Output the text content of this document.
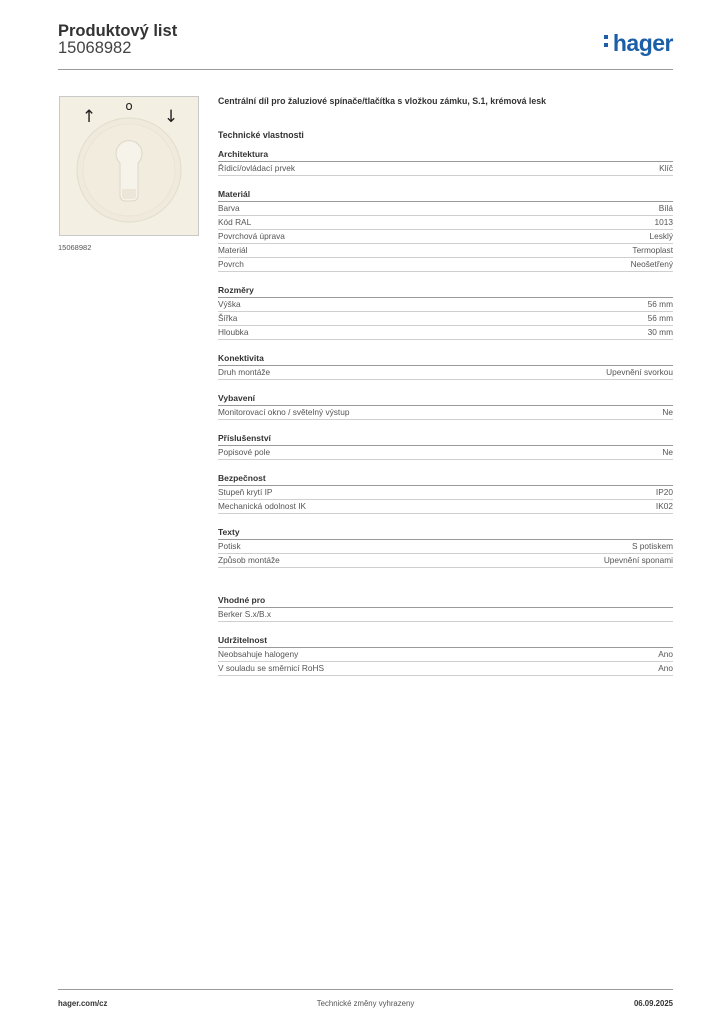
Produktový list
15068982	hager
↑
o
↓
15068982
Centrální díl pro žaluziové spínače/tlačítka s vložkou zámku, S.1, krémová lesk
Technické vlastnosti
Architektura
Řídicí/ovládací prvek	Klíč
Materiál
Barva	Bílá
Kód RAL	1013
Povrchová úprava	Lesklý
Materiál	Termoplast
Povrch	Neošetřený
Rozměry
Výška	56 mm
Šířka	56 mm
Hloubka	30 mm
Konektivita
Druh montáže	Upevnění svorkou
Vybavení
Monitorovací okno / světelný výstup	Ne
Příslušenství
Popisové pole	Ne
Bezpečnost
Stupeň krytí IP	IP20
Mechanická odolnost IK	IK02
Texty
Potisk	S potiskem
Způsob montáže	Upevnění sponami
Vhodné pro
Berker S.x/B.x
Udržitelnost
Neobsahuje halogeny	Ano
V souladu se směrnicí RoHS	Ano
hager.com/cz	Technické změny vyhrazeny	06.09.2025
